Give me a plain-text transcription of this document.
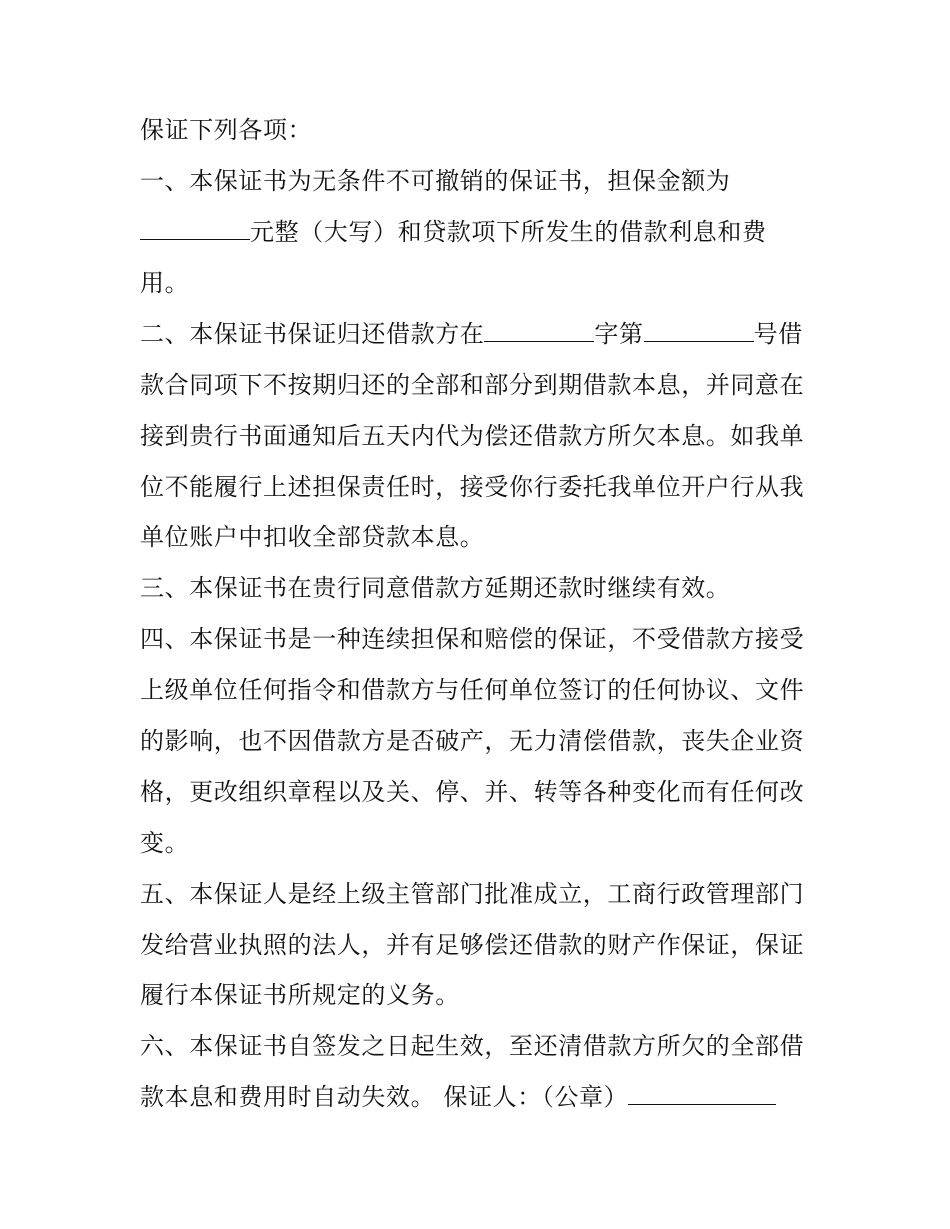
保证下列各项：
一、本保证书为无条件不可撤销的保证书，担保金额为
元整（大写）和贷款项下所发生的借款利息和费
用。
二、本保证书保证归还借款方在	字第	号借
款合同项下不按期归还的全部和部分到期借款本息，并同意在
接到贵行书面通知后五天内代为偿还借款方所欠本息。如我单
位不能履行上述担保责任时，接受你行委托我单位开户行从我
单位账户中扣收全部贷款本息。
三、本保证书在贵行同意借款方延期还款时继续有效。
四、本保证书是一种连续担保和赔偿的保证，不受借款方接受
上级单位任何指令和借款方与任何单位签订的任何协议、文件
的影响，也不因借款方是否破产，无力清偿借款，丧失企业资
格，更改组织章程以及关、停、并、转等各种变化而有任何改
变。
五、本保证人是经上级主管部门批准成立，工商行政管理部门
发给营业执照的法人，并有足够偿还借款的财产作保证，保证
履行本保证书所规定的义务。
六、本保证书自签发之日起生效，至还清借款方所欠的全部借
款本息和费用时自动失效。 保证人：（公章）
